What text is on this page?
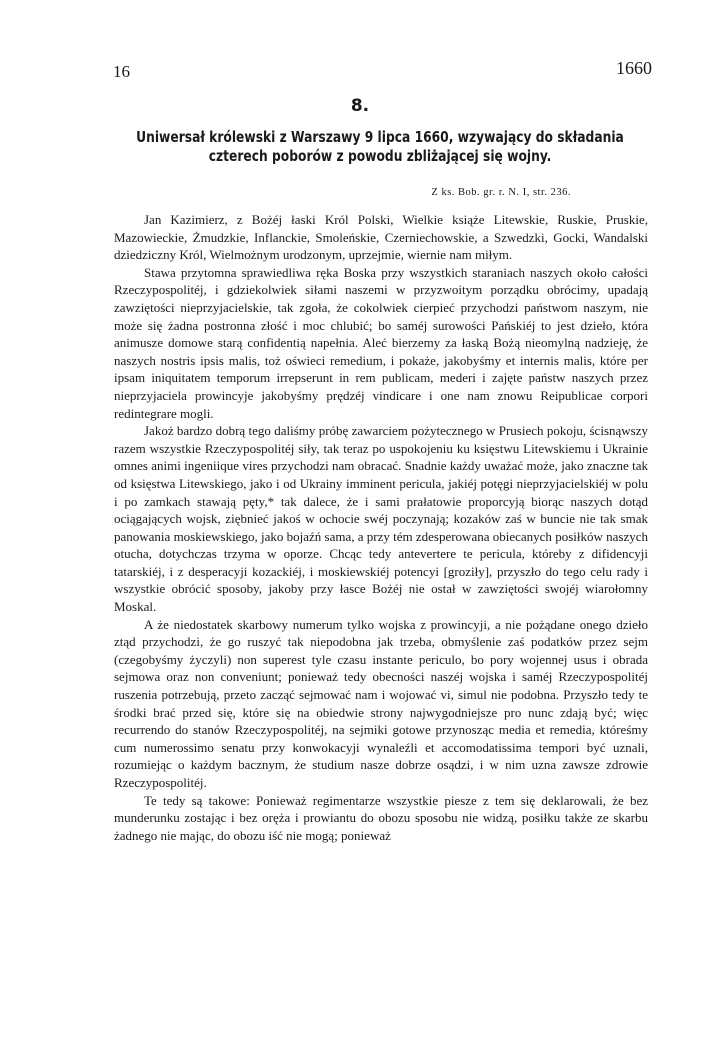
16	1660
8.
Uniwersał królewski z Warszawy 9 lipca 1660, wzywający do składania czterech poborów z powodu zbliżającej się wojny.
Z ks. Bob. gr. r. N. I, str. 236.

Jan Kazimierz, z Bożéj łaski Król Polski, Wielkie książe Litewskie, Ruskie, Pruskie, Mazowieckie, Żmudzkie, Inflanckie, Smoleńskie, Czerniechowskie, a Szwedzki, Gocki, Wandalski dziedziczny Król, Wielmożnym urodzonym, uprzejmie, wiernie nam miłym.

Stawa przytomna sprawiedliwa ręka Boska przy wszystkich staraniach naszych około całości Rzeczypospolitéj, i gdziekolwiek siłami naszemi w przyzwoitym porządku obrócimy, upadają zawziętości nieprzyjacielskie, tak zgoła, że cokolwiek cierpieć przychodzi państwom naszym, nie może się żadna postronna złość i moc chlubić; bo saméj surowości Pańskiéj to jest dzieło, która animusze domowe starą confidentią napełnia. Aleć bierzemy za łaską Bożą nieomylną nadzieję, że naszych nostris ipsis malis, toż oświeci remedium, i pokaże, jakobyśmy et internis malis, które per ipsam iniquitatem temporum irrepserunt in rem publicam, mederi i zajęte państw naszych przez nieprzyjaciela prowincyje jakobyśmy prędzéj vindicare i one nam znowu Reipublicae corpori redintegrare mogli.

Jakoż bardzo dobrą tego daliśmy próbę zawarciem pożytecznego w Prusiech pokoju, ścisnąwszy razem wszystkie Rzeczypospolitéj siły, tak teraz po uspokojeniu ku księstwu Litewskiemu i Ukrainie omnes animi ingeniique vires przychodzi nam obracać. Snadnie każdy uważać może, jako znaczne tak od księstwa Litewskiego, jako i od Ukrainy imminent pericula, jakiéj potęgi nieprzyjacielskiéj w polu i po zamkach stawają pęty,* tak dalece, że i sami prałatowie proporcyją biorąc naszych dotąd ociągających wojsk, ziębnieć jakoś w ochocie swéj poczynają; kozaków zaś w buncie nie tak smak panowania moskiewskiego, jako bojaźń sama, a przy tém zdesperowana obiecanych posiłków naszych otucha, dotychczas trzyma w oporze. Chcąc tedy antevertere te pericula, któreby z difidencyji tatarskiéj, i z desperacyji kozackiéj, i moskiewskiéj potencyi [groziły], przyszło do tego celu rady i wszystkie obrócić sposoby, jakoby przy łasce Bożéj nie ostał w zawziętości swojéj wiarołomny Moskal.

A że niedostatek skarbowy numerum tylko wojska z prowincyji, a nie pożądane onego dzieło ztąd przychodzi, że go ruszyć tak niepodobna jak trzeba, obmyślenie zaś podatków przez sejm (czegobyśmy życzyli) non superest tyle czasu instante periculo, bo pory wojennej usus i obrada sejmowa oraz non conveniunt; ponieważ tedy obecności naszéj wojska i saméj Rzeczypospolitéj ruszenia potrzebują, przeto zacząć sejmować nam i wojować vi, simul nie podobna. Przyszło tedy te środki brać przed się, które się na obiedwie strony najwygodniejsze pro nunc zdają być; więc recurrendo do stanów Rzeczypospolitéj, na sejmiki gotowe przynosząc media et remedia, któreśmy cum numerossimo senatu przy konwokacyji wynaleźli et accomodatissima tempori być uznali, rozumiejąc o każdym bacznym, że studium nasze dobrze osądzi, i w nim uzna zawsze zdrowie Rzeczypospolitéj.

Te tedy są takowe: Ponieważ regimentarze wszystkie piesze z tem się deklarowali, że bez munderunku zostając i bez oręża i prowiantu do obozu sposobu nie widzą, posiłku także ze skarbu żadnego nie mając, do obozu iść nie mogą; ponieważ
